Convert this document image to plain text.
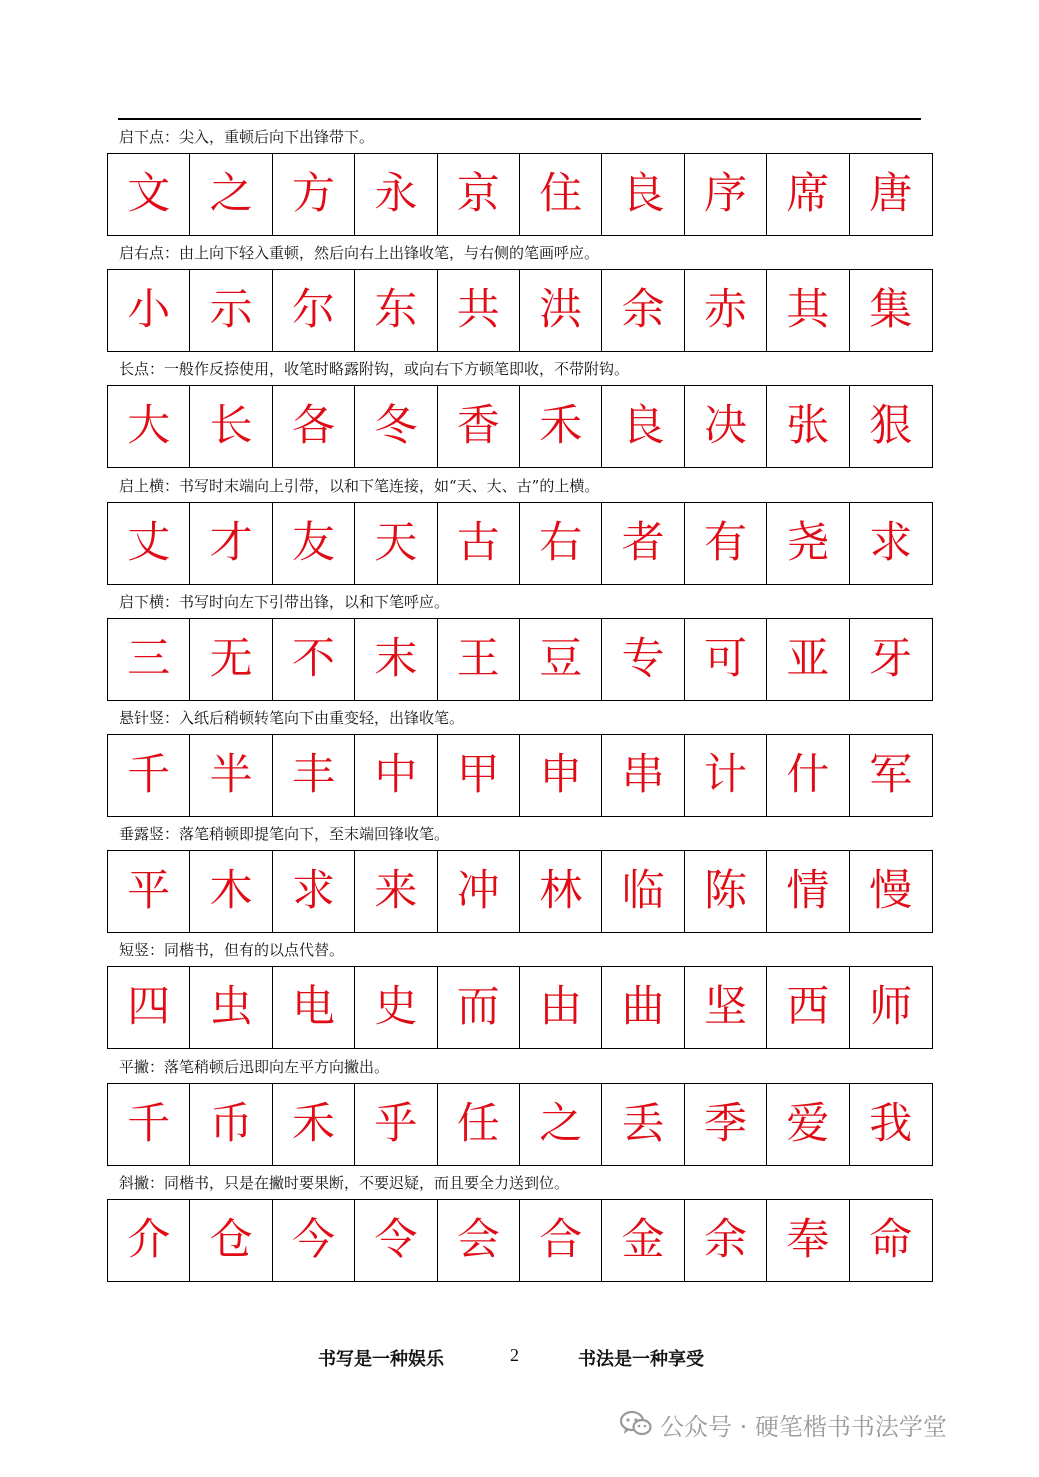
启下点：尖入，重顿后向下出锋带下。
文 之 方 永 京 住 良 序 席 唐
启右点：由上向下轻入重顿，然后向右上出锋收笔，与右侧的笔画呼应。
小 示 尔 东 共 洪 余 赤 其 集
长点：一般作反捺使用，收笔时略露附钩，或向右下方顿笔即收，不带附钩。
大 长 各 冬 香 禾 良 决 张 狠
启上横：书写时末端向上引带，以和下笔连接，如“天、大、古”的上横。
丈 才 友 天 古 右 者 有 尧 求
启下横：书写时向左下引带出锋，以和下笔呼应。
三 无 不 末 王 豆 专 可 亚 牙
悬针竖：入纸后稍顿转笔向下由重变轻，出锋收笔。
千 半 丰 中 甲 申 串 计 什 军
垂露竖：落笔稍顿即提笔向下，至末端回锋收笔。
平 木 求 来 冲 林 临 陈 情 慢
短竖：同楷书，但有的以点代替。
四 虫 电 史 而 由 曲 坚 西 师
平撇：落笔稍顿后迅即向左平方向撇出。
千 币 禾 乎 任 之 丢 季 爱 我
斜撇：同楷书，只是在撇时要果断，不要迟疑，而且要全力送到位。
介 仓 今 令 会 合 金 余 奉 命
书写是一种娱乐	2	书法是一种享受
公众号 · 硬笔楷书书法学堂
